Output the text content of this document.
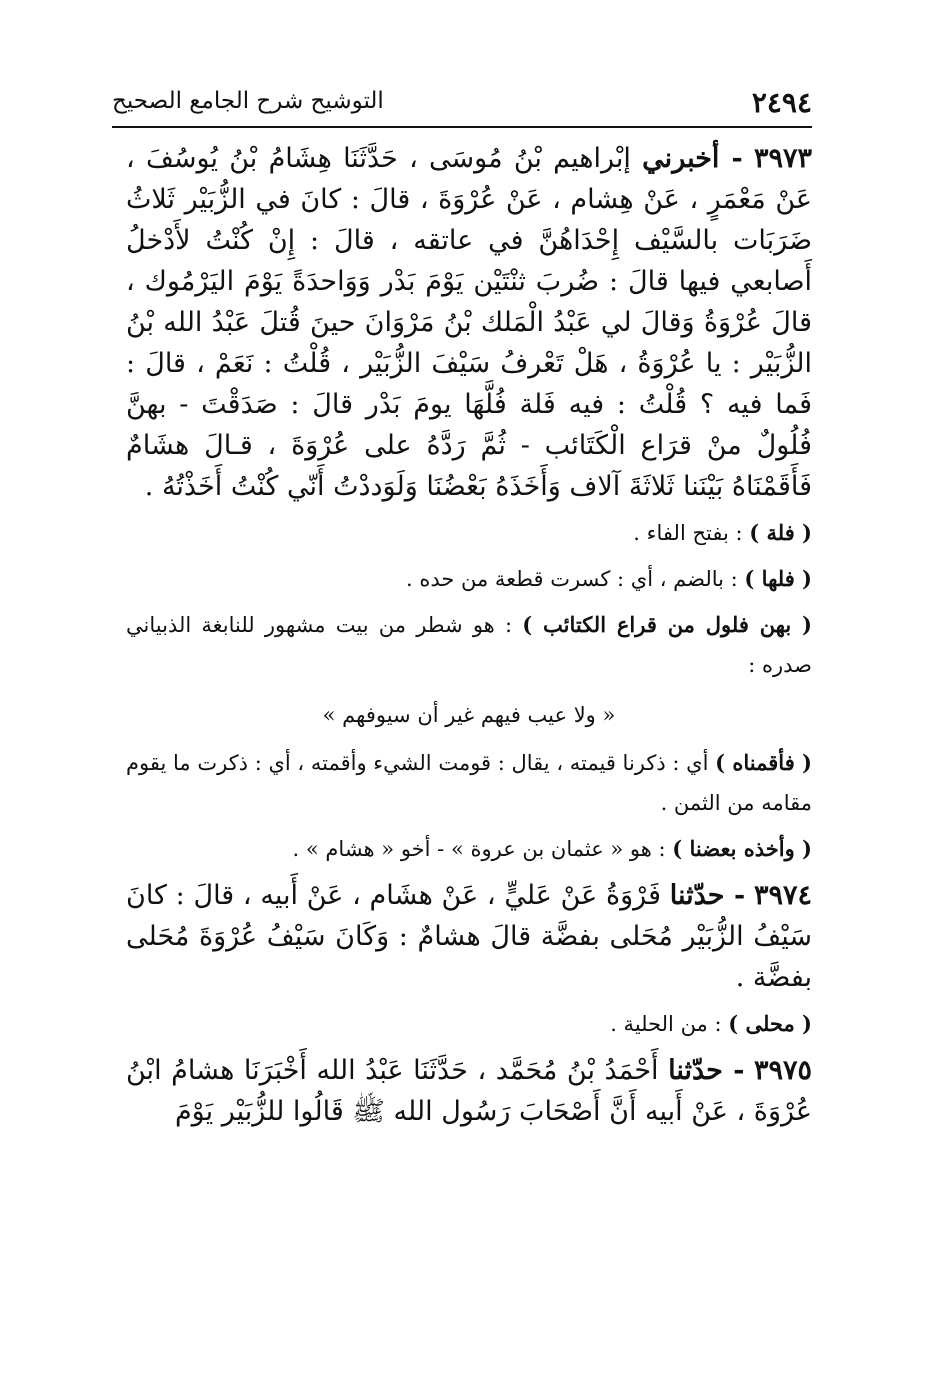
٢٤٩٤
التوشيح شرح الجامع الصحيح

٣٩٧٣ - أخبرني إبْراهيم بْنُ مُوسَى ، حَدَّثَنَا هِشَامُ بْنُ يُوسُفَ ، عَنْ مَعْمَرٍ ، عَنْ هِشام ، عَنْ عُرْوَةَ ، قالَ : كانَ في الزُّبَيْر ثَلاثُ ضَرَبَات بالسَّيْف إِحْدَاهُنَّ في عاتقه ، قالَ : إِنْ كُنْتُ لأَدْخلُ أَصابعي فيها قالَ : ضُربَ ثنْتَيْن يَوْمَ بَدْر وَوَاحدَةً يَوْمَ اليَرْمُوك ، قالَ عُرْوَةُ وَقالَ لي عَبْدُ الْمَلك بْنُ مَرْوَانَ حينَ قُتلَ عَبْدُ الله بْنُ الزُّبَيْر : يا عُرْوَةُ ، هَلْ تَعْرفُ سَيْفَ الزُّبَيْر ، قُلْتُ : نَعَمْ ، قالَ : فَما فيه ؟ قُلْتُ : فيه فَلة فُلَّهَا يومَ بَدْر قالَ : صَدَقْتَ - بهنَّ فُلُولٌ منْ قرَاع الْكَتَائب - ثُمَّ رَدَّهُ على عُرْوَةَ ، قـالَ هشَامٌ فَأَقَمْنَاهُ بَيْنَنا ثَلاثَةَ آلاف وَأَخَذَهُ بَعْضُنَا وَلَوَددْتُ أَنّي كُنْتُ أَخَذْتُهُ .

( فلة ) : بفتح الفاء .

( فلها ) : بالضم ، أي : كسرت قطعة من حده .

( بهن فلول من قراع الكتائب ) : هو شطر من بيت مشهور للنابغة الذبياني صدره :

« ولا عيب فيهم غير أن سيوفهم »

( فأقمناه ) أي : ذكرنا قيمته ، يقال : قومت الشيء وأقمته ، أي : ذكرت ما يقوم مقامه من الثمن .

( وأخذه بعضنا ) : هو « عثمان بن عروة » - أخو « هشام » .

٣٩٧٤ - حدّثنا فَرْوَةُ عَنْ عَليٍّ ، عَنْ هشَام ، عَنْ أَبيه ، قالَ : كانَ سَيْفُ الزُّبَيْر مُحَلى بفضَّة قالَ هشامٌ : وَكَانَ سَيْفُ عُرْوَةَ مُحَلى بفضَّة .

( محلى ) : من الحلية .

٣٩٧٥ - حدّثنا أَحْمَدُ بْنُ مُحَمَّد ، حَدَّثَنَا عَبْدُ الله أَخْبَرَنَا هشامُ ابْنُ عُرْوَةَ ، عَنْ أَبيه أَنَّ أَصْحَابَ رَسُول الله ﷺ قَالُوا للزُّبَيْر يَوْمَ
